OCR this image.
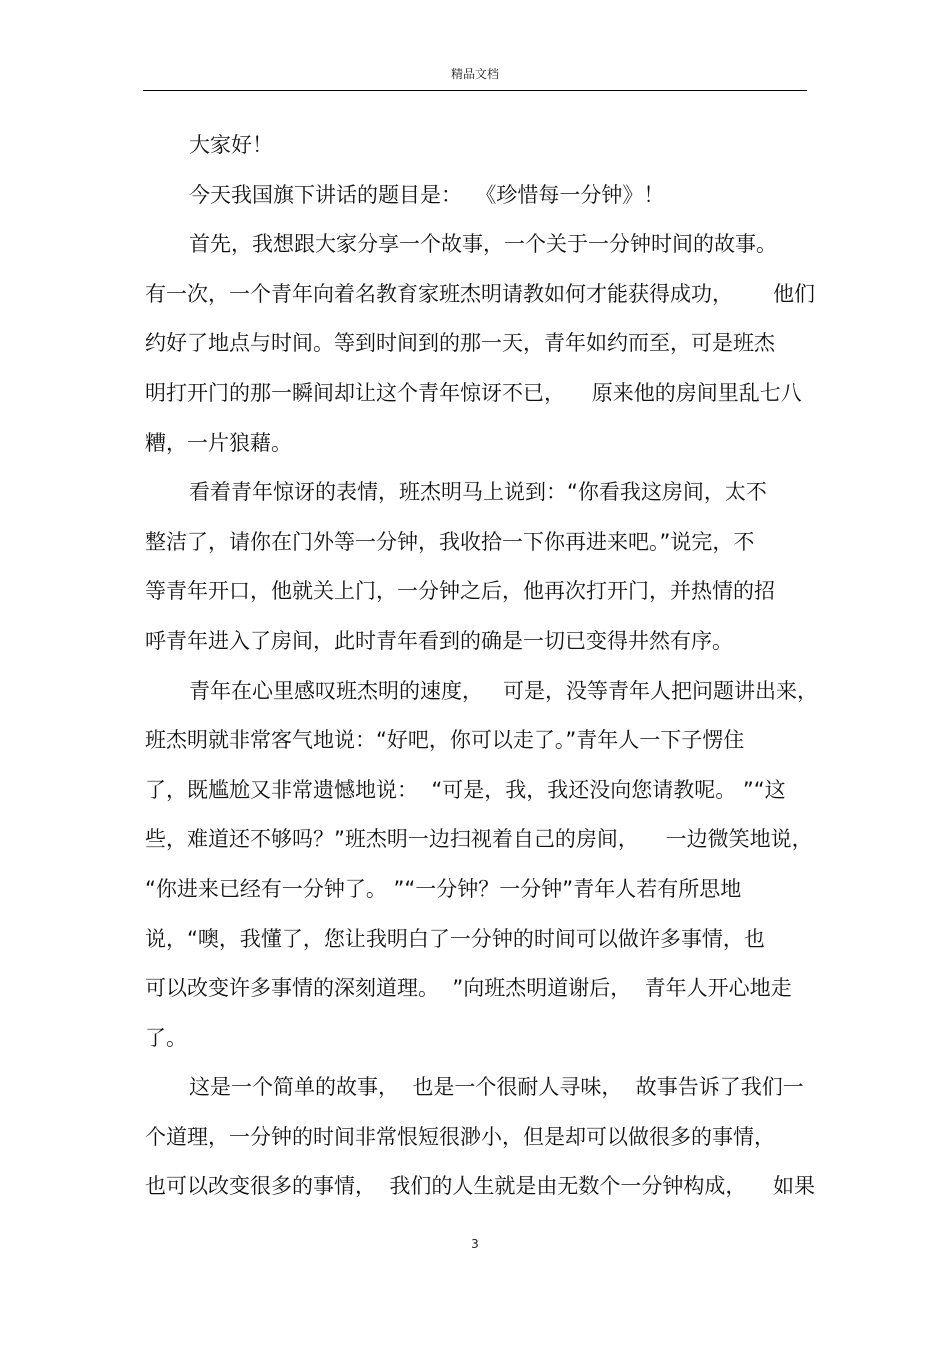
精品文档
大家好！
今天我国旗下讲话的题目是：  《珍惜每一分钟》！
首先，我想跟大家分享一个故事，一个关于一分钟时间的故事。
有一次，一个青年向着名教育家班杰明请教如何才能获得成功，      他们
约好了地点与时间。等到时间到的那一天，青年如约而至，可是班杰
明打开门的那一瞬间却让这个青年惊讶不已，    原来他的房间里乱七八
糟，一片狼藉。
看着青年惊讶的表情，班杰明马上说到：“你看我这房间，太不
整洁了，请你在门外等一分钟，我收拾一下你再进来吧。”说完，不
等青年开口，他就关上门，一分钟之后，他再次打开门，并热情的招
呼青年进入了房间，此时青年看到的确是一切已变得井然有序。
青年在心里感叹班杰明的速度，   可是，没等青年人把问题讲出来，
班杰明就非常客气地说：“好吧，你可以走了。”青年人一下子愣住
了，既尴尬又非常遗憾地说：  “可是，我，我还没向您请教呢。 ”“这
些，难道还不够吗？”班杰明一边扫视着自己的房间，    一边微笑地说，
“你进来已经有一分钟了。 ”“一分钟？一分钟”青年人若有所思地
说，“噢，我懂了，您让我明白了一分钟的时间可以做许多事情，也
可以改变许多事情的深刻道理。  ”向班杰明道谢后，  青年人开心地走
了。
这是一个简单的故事，  也是一个很耐人寻味，  故事告诉了我们一
个道理，一分钟的时间非常恨短很渺小，但是却可以做很多的事情，
也可以改变很多的事情，  我们的人生就是由无数个一分钟构成，    如果
3
